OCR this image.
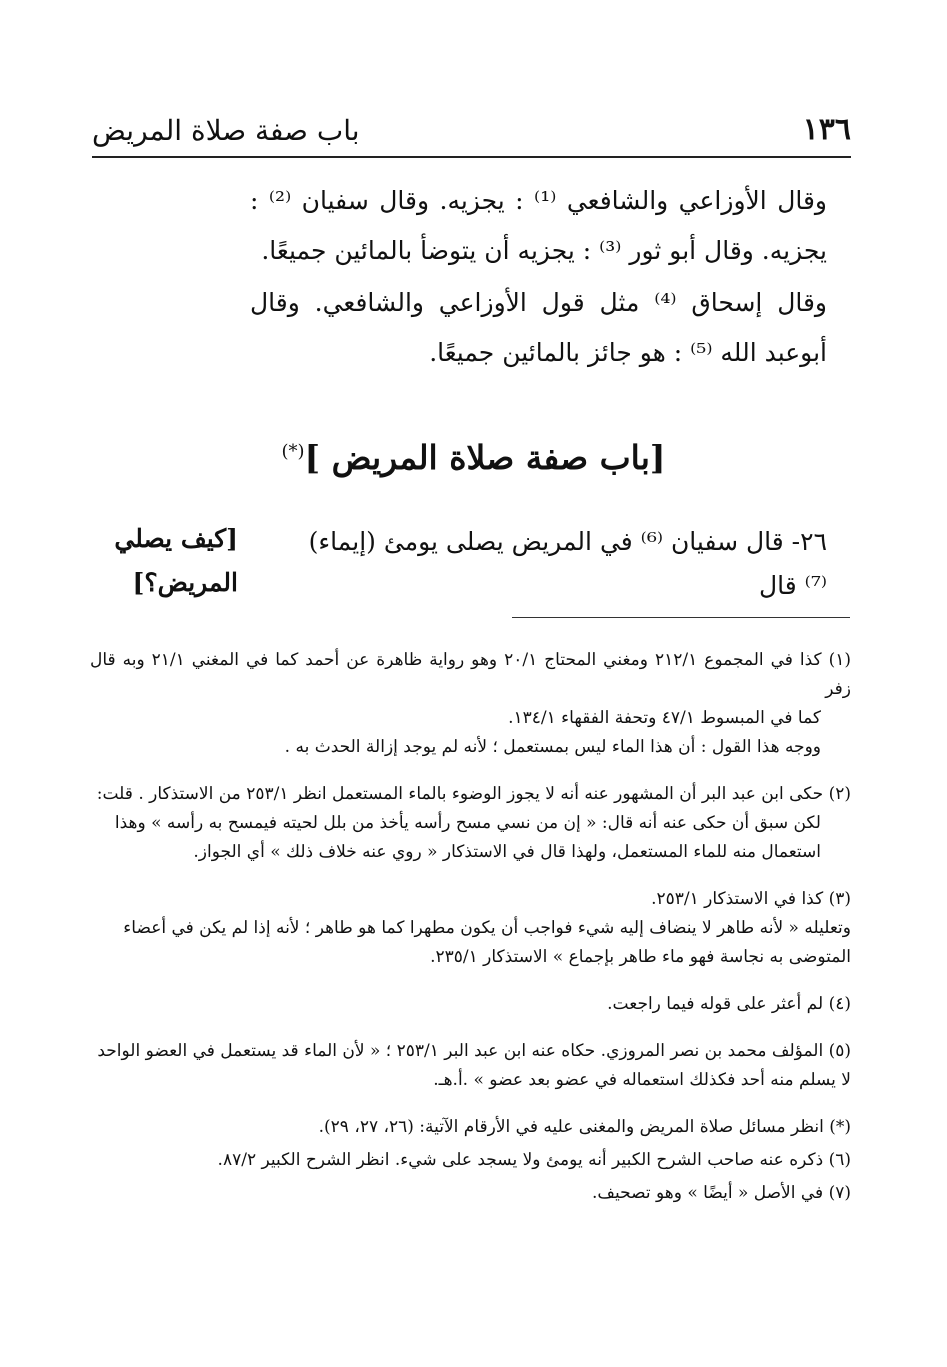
١٣٦
باب صفة صلاة المريض
وقال الأوزاعي والشافعي ⁽¹⁾ : يجزيه. وقال سفيان ⁽²⁾ : يجزيه. وقال أبو ثور ⁽³⁾ : يجزيه أن يتوضأ بالمائين جميعًا.
وقال إسحاق ⁽⁴⁾ مثل قول الأوزاعي والشافعي. وقال أبوعبد الله ⁽⁵⁾ : هو جائز بالمائين جميعًا.
[باب صفة صلاة المريض ](*)
٢٦- قال سفيان ⁽⁶⁾ في المريض يصلى يومئ (إيماء)⁽⁷⁾ قال
[كيف يصلي المريض؟]
(١) كذا في المجموع ٢١٢/١ ومغني المحتاج ٢٠/١ وهو رواية ظاهرة عن أحمد كما في المغني ٢١/١ وبه قال زفر
كما في المبسوط ٤٧/١ وتحفة الفقهاء ١٣٤/١.
ووجه هذا القول : أن هذا الماء ليس بمستعمل ؛ لأنه لم يوجد إزالة الحدث به .
(٢) حكى ابن عبد البر أن المشهور عنه أنه لا يجوز الوضوء بالماء المستعمل انظر ٢٥٣/١ من الاستذكار . قلت:
لكن سبق أن حكى عنه أنه قال: « إن من نسي مسح رأسه يأخذ من بلل لحيته فيمسح به رأسه » وهذا
استعمال منه للماء المستعمل، ولهذا قال في الاستذكار « روي عنه خلاف ذلك » أي الجواز.
(٣) كذا في الاستذكار ٢٥٣/١.
وتعليله « لأنه طاهر لا ينضاف إليه شيء فواجب أن يكون مطهرا كما هو طاهر ؛ لأنه إذا لم يكن في أعضاء
المتوضى به نجاسة فهو ماء طاهر بإجماع » الاستذكار ٢٣٥/١.
(٤) لم أعثر على قوله فيما راجعت.
(٥) المؤلف محمد بن نصر المروزي. حكاه عنه ابن عبد البر ٢٥٣/١ ؛ « لأن الماء قد يستعمل في العضو الواحد
لا يسلم منه أحد فكذلك استعماله في عضو بعد عضو » .أ.هـ.
(*) انظر مسائل صلاة المريض والمغنى عليه في الأرقام الآتية: (٢٦، ٢٧، ٢٩).
(٦) ذكره عنه صاحب الشرح الكبير أنه يومئ ولا يسجد على شيء. انظر الشرح الكبير ٨٧/٢.
(٧) في الأصل « أيضًا » وهو تصحيف.
